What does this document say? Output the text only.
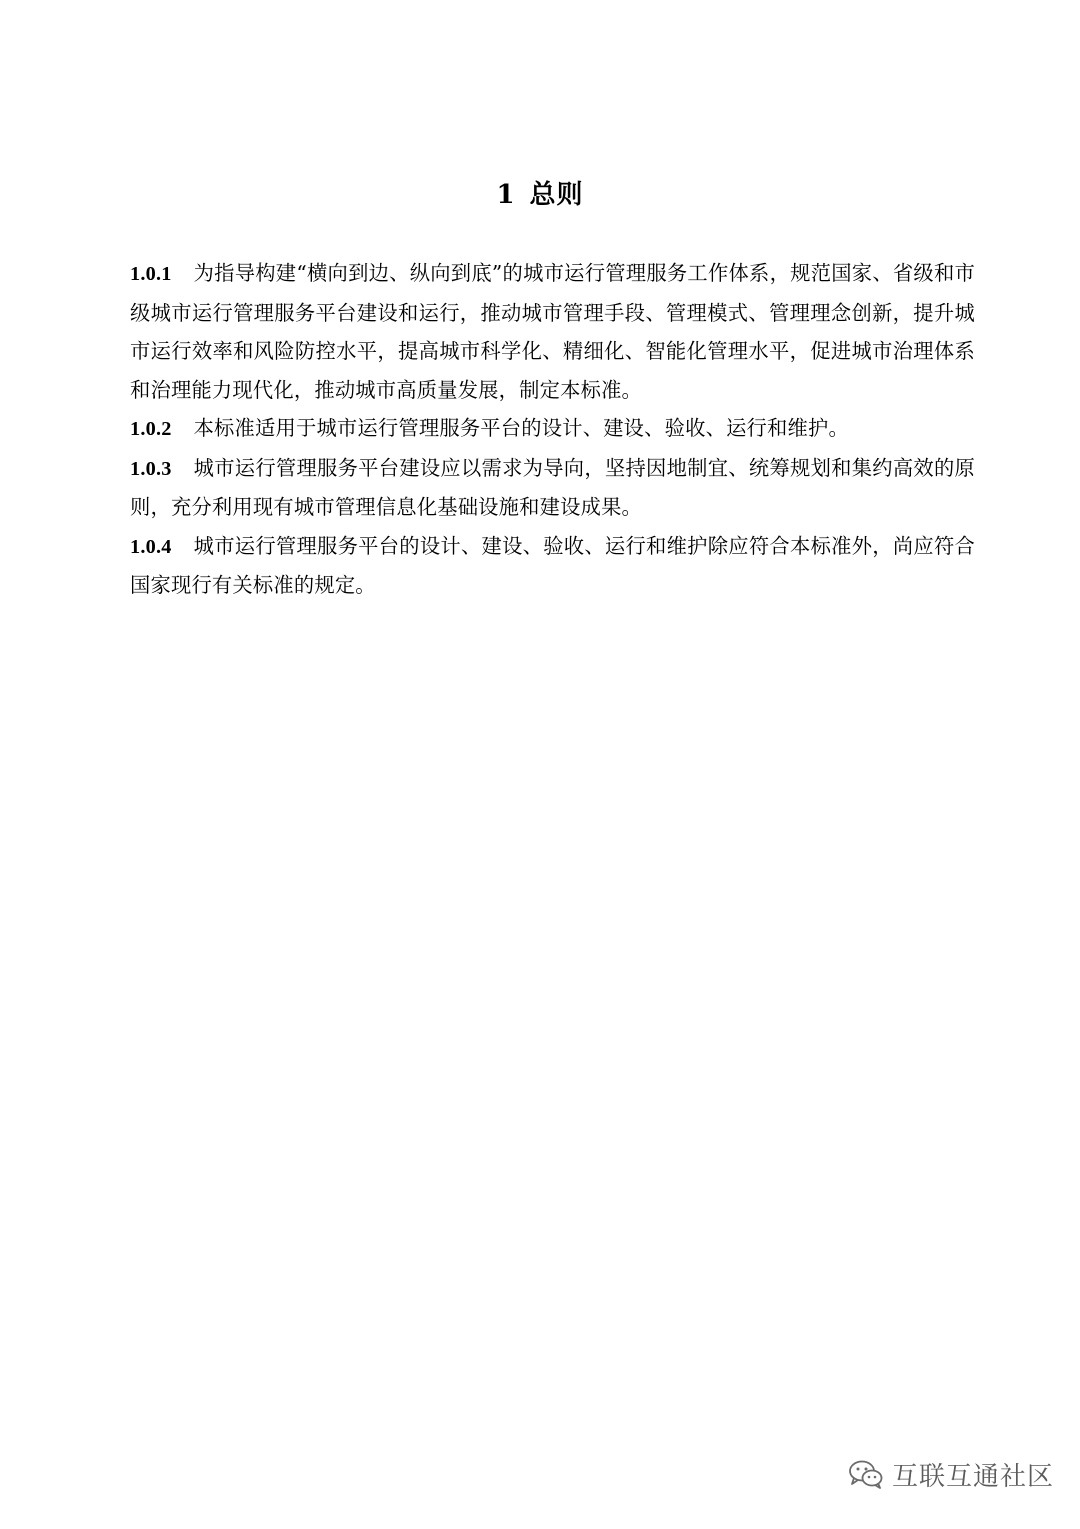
1 总则

1.0.1 为指导构建“横向到边、纵向到底”的城市运行管理服务工作体系，规范国家、省级和市级城市运行管理服务平台建设和运行，推动城市管理手段、管理模式、管理理念创新，提升城市运行效率和风险防控水平，提高城市科学化、精细化、智能化管理水平，促进城市治理体系和治理能力现代化，推动城市高质量发展，制定本标准。

1.0.2 本标准适用于城市运行管理服务平台的设计、建设、验收、运行和维护。

1.0.3 城市运行管理服务平台建设应以需求为导向，坚持因地制宜、统筹规划和集约高效的原则，充分利用现有城市管理信息化基础设施和建设成果。

1.0.4 城市运行管理服务平台的设计、建设、验收、运行和维护除应符合本标准外，尚应符合国家现行有关标准的规定。

互联互通社区
